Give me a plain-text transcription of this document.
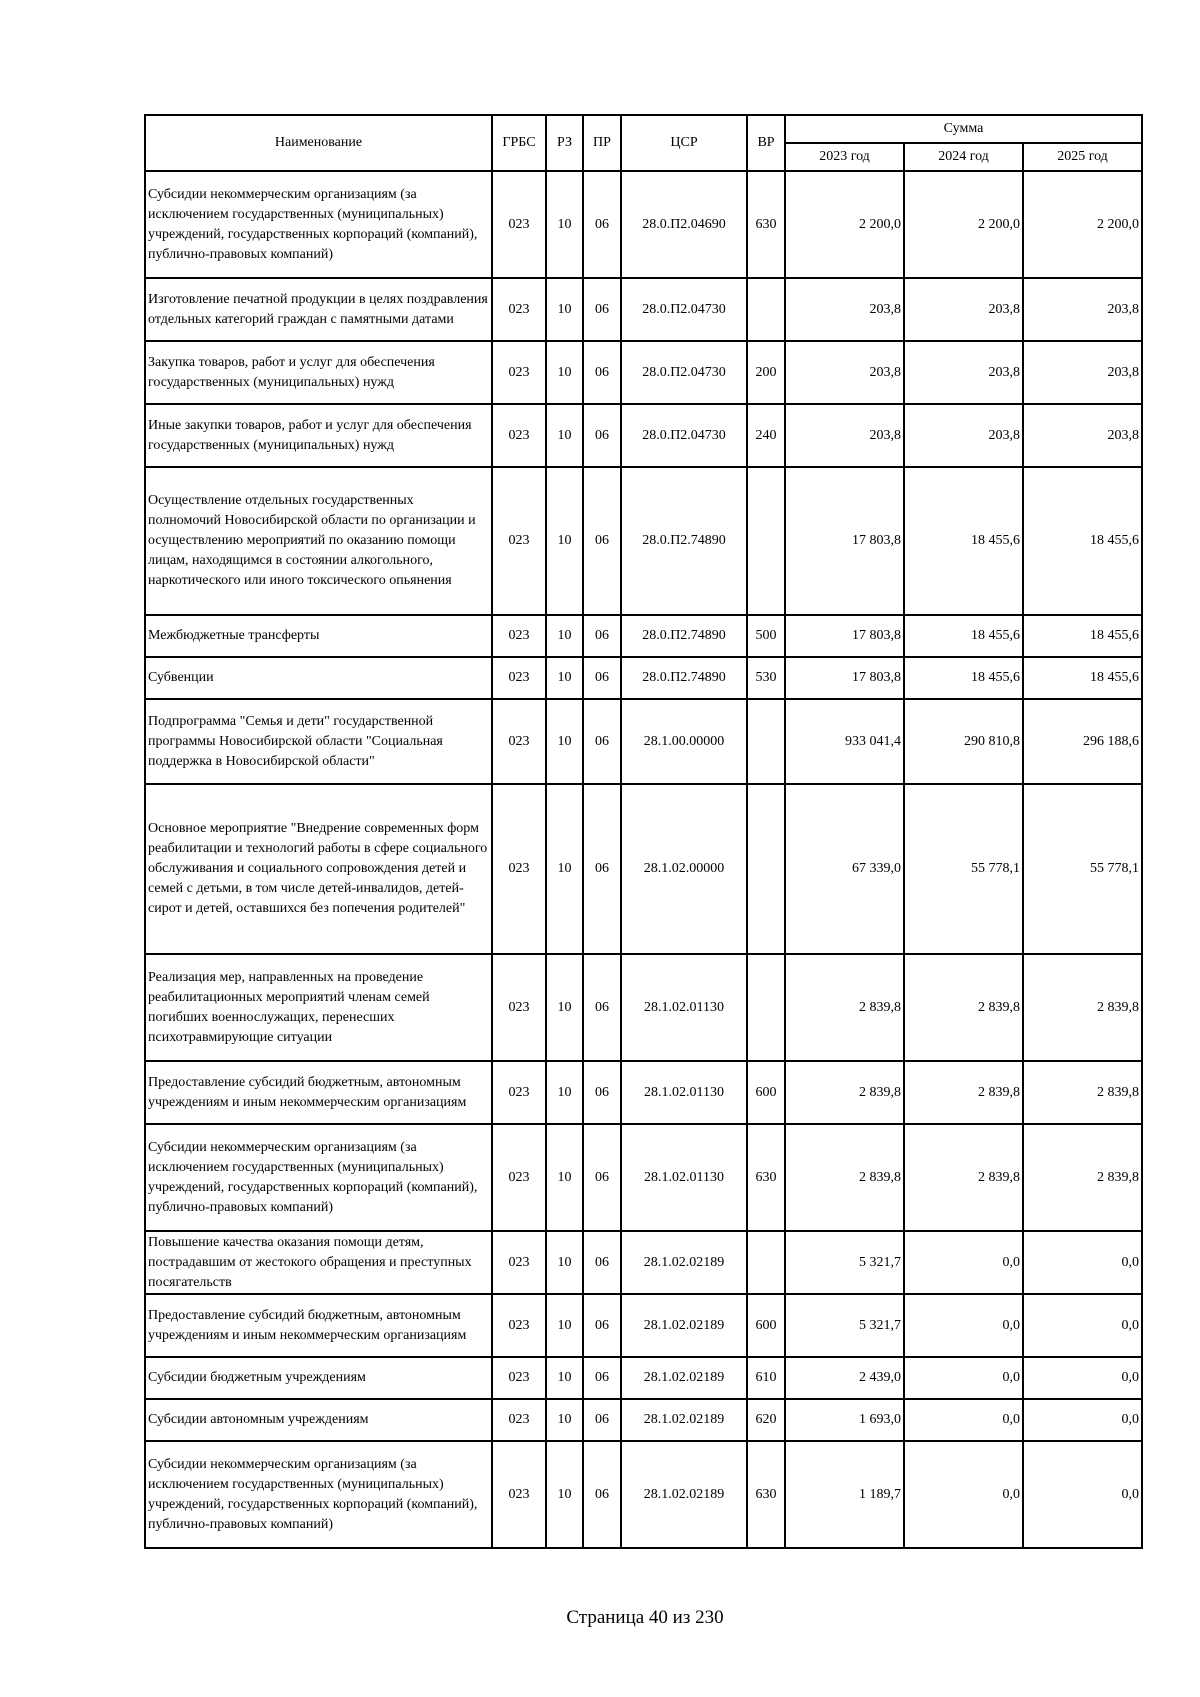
Наименование	ГРБС	РЗ	ПР	ЦСР	ВР	Сумма		
						2023 год	2024 год	2025 год
Субсидии некоммерческим организациям (за исключением государственных (муниципальных) учреждений, государственных корпораций (компаний), публично-правовых компаний)	023	10	06	28.0.П2.04690	630	2 200,0	2 200,0	2 200,0
Изготовление печатной продукции в целях поздравления отдельных категорий граждан с памятными датами	023	10	06	28.0.П2.04730		203,8	203,8	203,8
Закупка товаров, работ и услуг для обеспечения государственных (муниципальных) нужд	023	10	06	28.0.П2.04730	200	203,8	203,8	203,8
Иные закупки товаров, работ и услуг для обеспечения государственных (муниципальных) нужд	023	10	06	28.0.П2.04730	240	203,8	203,8	203,8
Осуществление отдельных государственных полномочий Новосибирской области по организации и осуществлению мероприятий по оказанию помощи лицам, находящимся в состоянии алкогольного, наркотического или иного токсического опьянения	023	10	06	28.0.П2.74890		17 803,8	18 455,6	18 455,6
Межбюджетные трансферты	023	10	06	28.0.П2.74890	500	17 803,8	18 455,6	18 455,6
Субвенции	023	10	06	28.0.П2.74890	530	17 803,8	18 455,6	18 455,6
Подпрограмма "Семья и дети" государственной программы Новосибирской области "Социальная поддержка в Новосибирской области"	023	10	06	28.1.00.00000		933 041,4	290 810,8	296 188,6
Основное мероприятие "Внедрение современных форм реабилитации и технологий работы в сфере социального обслуживания и социального сопровождения детей и семей с детьми, в том числе детей-инвалидов, детей-сирот и детей, оставшихся без попечения родителей"	023	10	06	28.1.02.00000		67 339,0	55 778,1	55 778,1
Реализация мер, направленных на проведение реабилитационных мероприятий членам семей погибших военнослужащих, перенесших психотравмирующие ситуации	023	10	06	28.1.02.01130		2 839,8	2 839,8	2 839,8
Предоставление субсидий бюджетным, автономным учреждениям и иным некоммерческим организациям	023	10	06	28.1.02.01130	600	2 839,8	2 839,8	2 839,8
Субсидии некоммерческим организациям (за исключением государственных (муниципальных) учреждений, государственных корпораций (компаний), публично-правовых компаний)	023	10	06	28.1.02.01130	630	2 839,8	2 839,8	2 839,8
Повышение качества оказания помощи детям, пострадавшим от жестокого обращения и преступных посягательств	023	10	06	28.1.02.02189		5 321,7	0,0	0,0
Предоставление субсидий бюджетным, автономным учреждениям и иным некоммерческим организациям	023	10	06	28.1.02.02189	600	5 321,7	0,0	0,0
Субсидии бюджетным учреждениям	023	10	06	28.1.02.02189	610	2 439,0	0,0	0,0
Субсидии автономным учреждениям	023	10	06	28.1.02.02189	620	1 693,0	0,0	0,0
Субсидии некоммерческим организациям (за исключением государственных (муниципальных) учреждений, государственных корпораций (компаний), публично-правовых компаний)	023	10	06	28.1.02.02189	630	1 189,7	0,0	0,0
Страница 40 из 230
